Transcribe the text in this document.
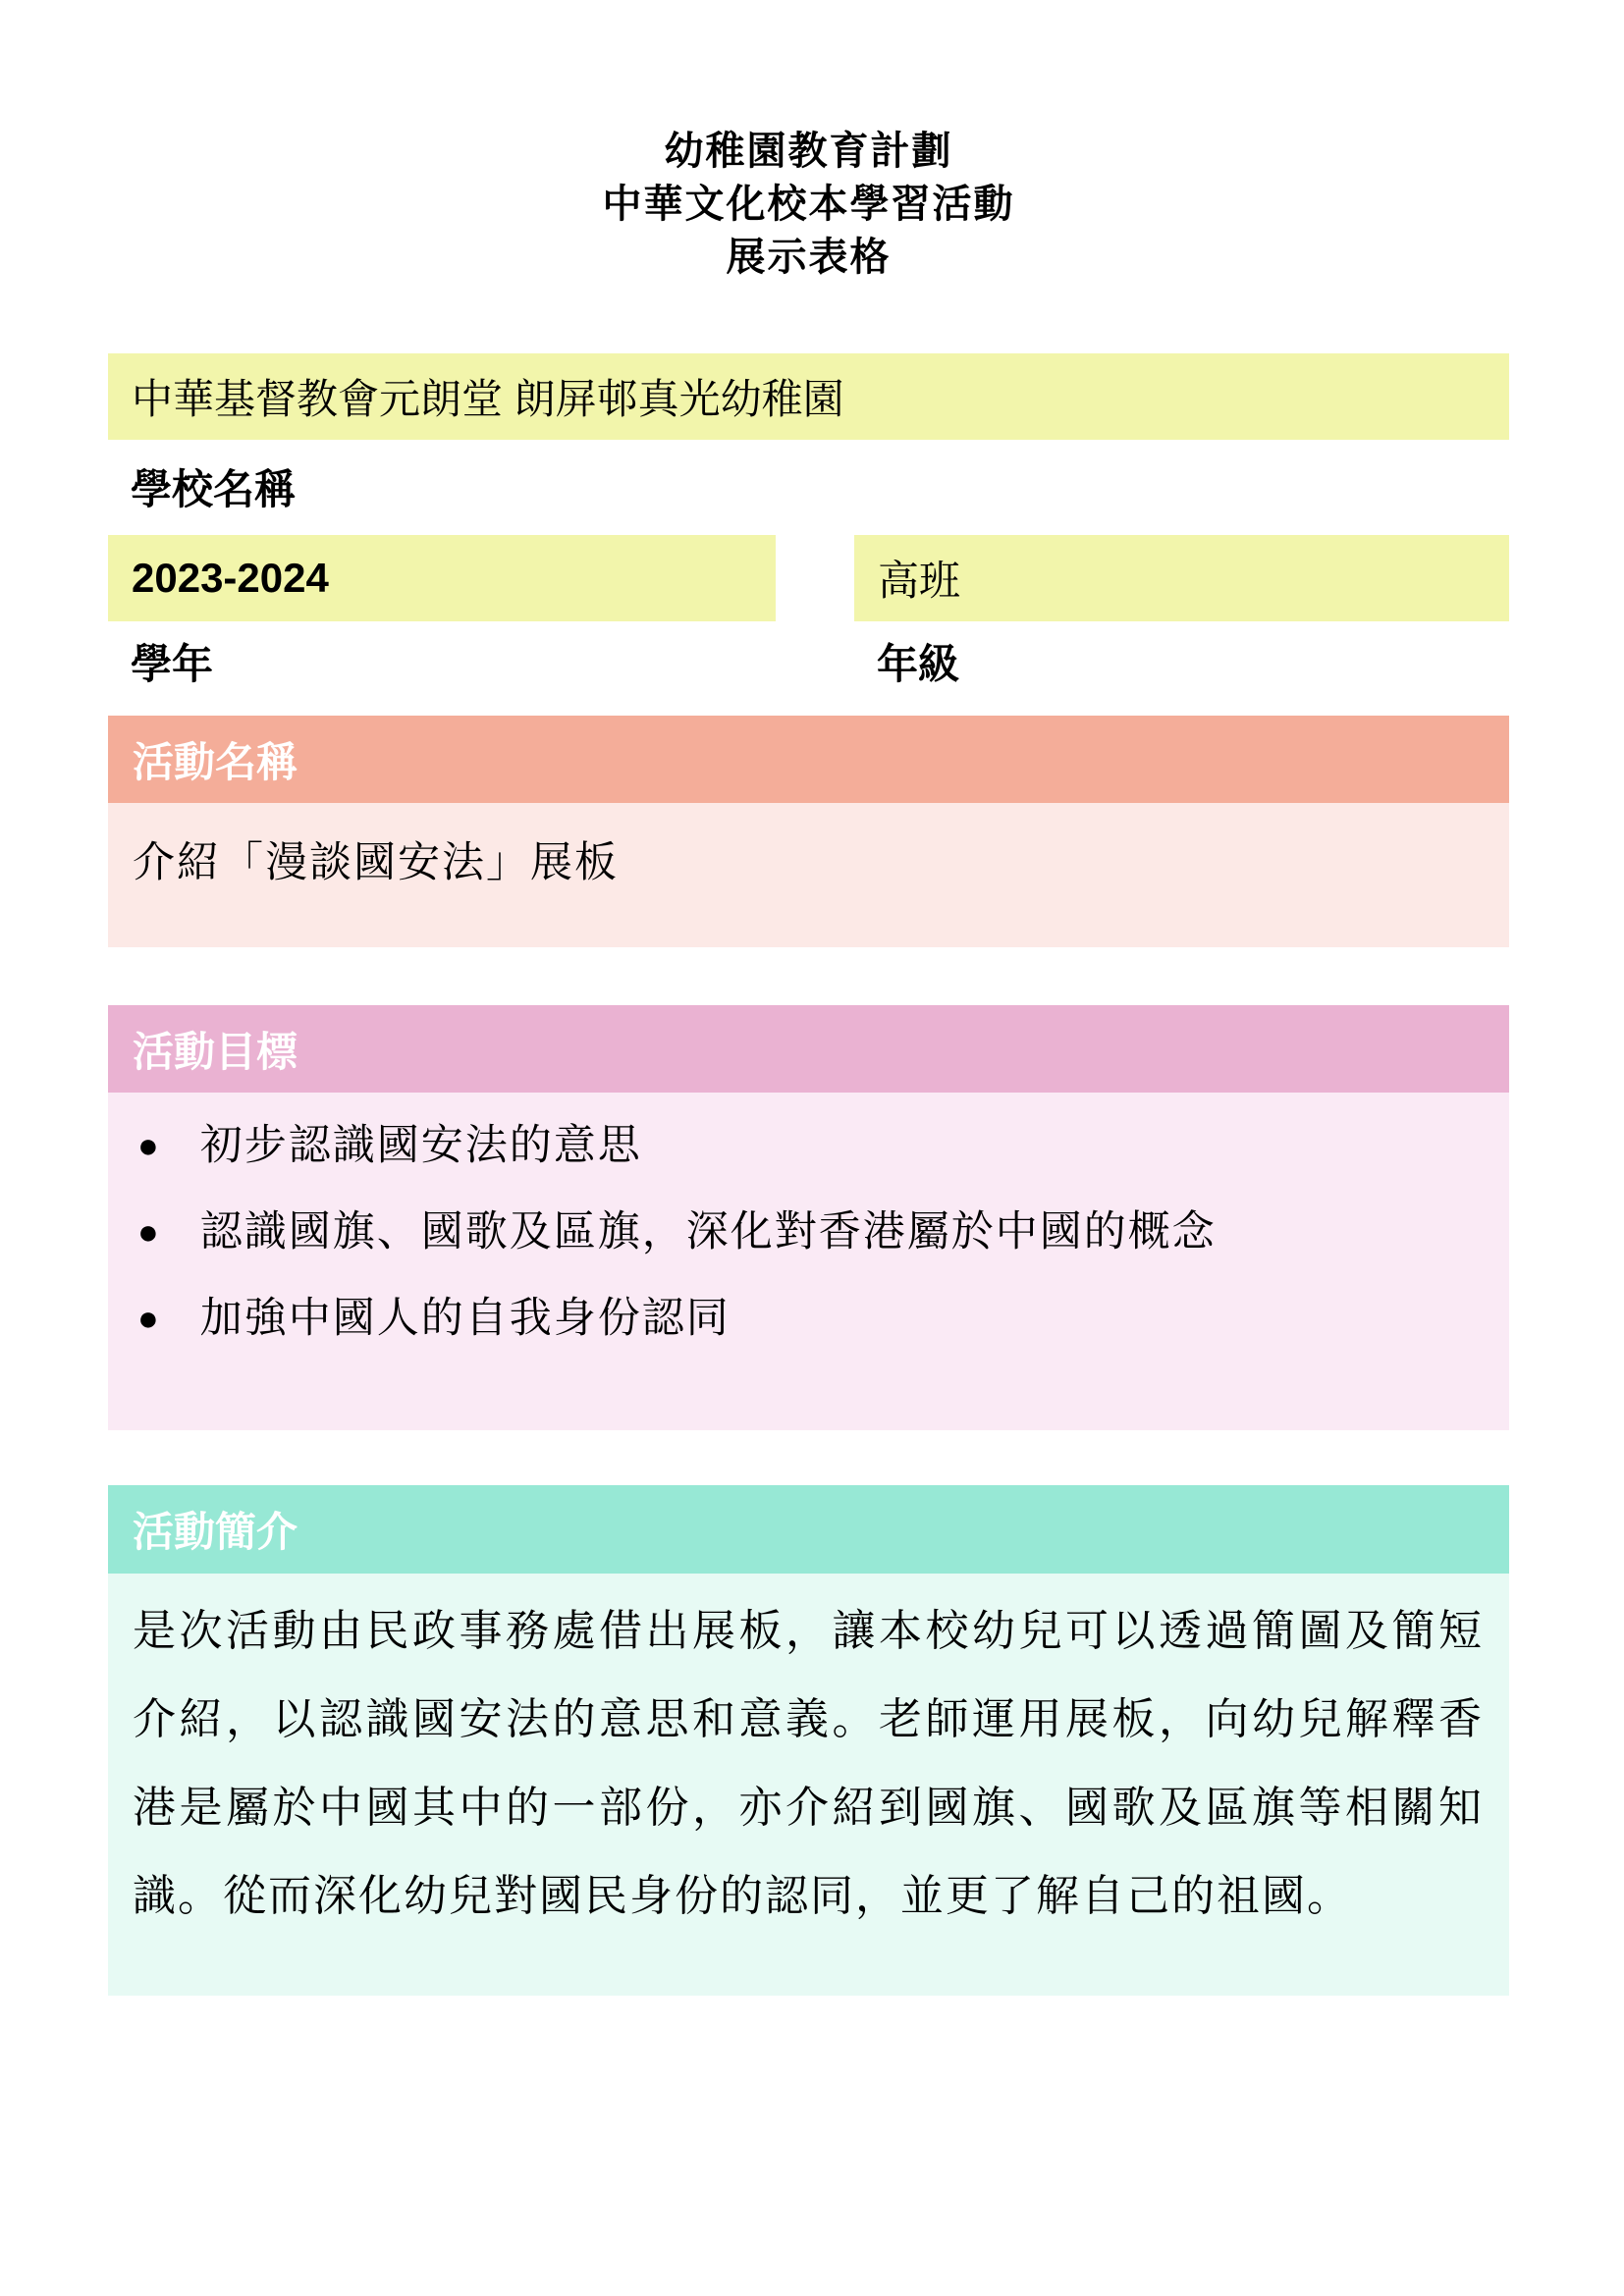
幼稚園教育計劃
中華文化校本學習活動
展示表格
中華基督教會元朗堂 朗屏邨真光幼稚園
學校名稱
2023-2024	高班
學年	年級
活動名稱
介紹「漫談國安法」展板
活動目標
● 初步認識國安法的意思
● 認識國旗、國歌及區旗，深化對香港屬於中國的概念
● 加強中國人的自我身份認同
活動簡介
是次活動由民政事務處借出展板，讓本校幼兒可以透過簡圖及簡短介紹，以認識國安法的意思和意義。老師運用展板，向幼兒解釋香港是屬於中國其中的一部份，亦介紹到國旗、國歌及區旗等相關知識。從而深化幼兒對國民身份的認同，並更了解自己的祖國。
